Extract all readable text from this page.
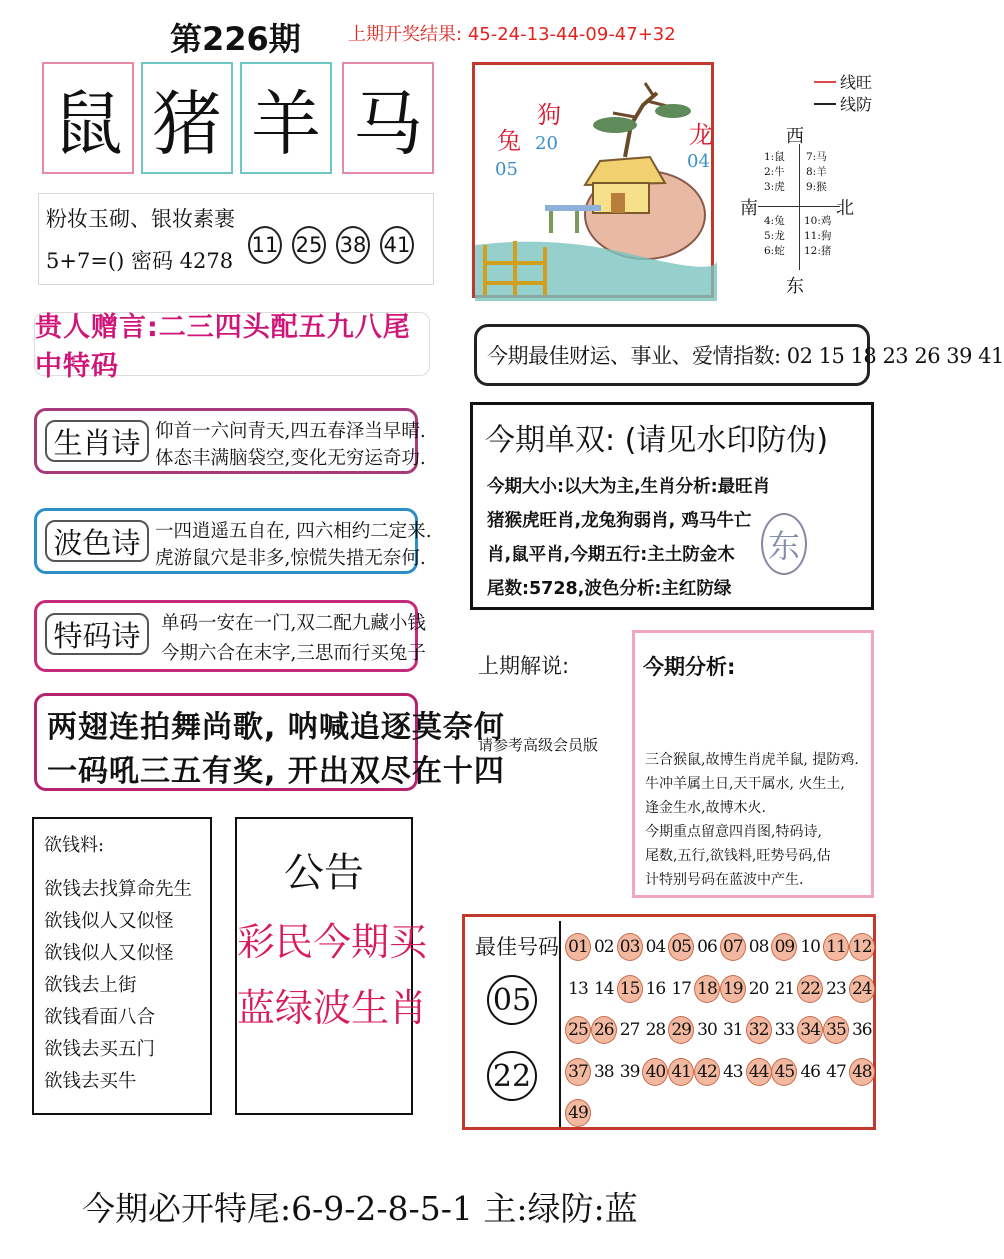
第226期	上期开奖结果: 45-24-13-44-09-47+32
鼠 猪 羊 马
粉妆玉砌、银妆素裹
5+7=() 密码 4278
11 25 38 41
贵人赠言:二三四头配五九八尾中特码
生肖诗 仰首一六问青天,四五春泽当早晴.
体态丰满脑袋空,变化无穷运奇功.
波色诗 一四逍遥五自在, 四六相约二定来.
虎游鼠穴是非多,惊慌失措无奈何.
特码诗	单码一安在一门,双二配九藏小钱
今期六合在末字,三思而行买兔子
两翅连拍舞尚歌, 呐喊追逐莫奈何
一码吼三五有奖, 开出双尽在十四
欲钱料:
欲钱去找算命先生
欲钱似人又似怪
欲钱似人又似怪
欲钱去上街
欲钱看面八合
欲钱去买五门
欲钱去买牛
公告
彩民今期买
蓝绿波生肖
兔
05
狗
20	龙
04
线旺
线防
西
东
南	北
1:鼠
2:牛
3:虎
7:马
8:羊
9:猴
4:兔
5:龙
6:蛇
10:鸡
11:狗
12:猪
今期最佳财运、事业、爱情指数: 02 15 18 23 26 39 41
今期单双: (请见水印防伪)
东
今期大小:以大为主,生肖分析:最旺肖
猪猴虎旺肖,龙兔狗弱肖, 鸡马牛亡
肖,鼠平肖,今期五行:主土防金木
尾数:5728,波色分析:主红防绿
上期解说:
请参考高级会员版
今期分析:
三合猴鼠,故博生肖虎羊鼠, 提防鸡.
牛冲羊属土日,天干属水, 火生土,
逢金生水,故博木火.
今期重点留意四肖图,特码诗,
尾数,五行,欲钱料,旺势号码,估
计特别号码在蓝波中产生.
最佳号码
05
22
01 02 03 04 05 06 07 08 09 10 11 12
13 14 15 16 17 18 19 20 21 22 23 24
25 26 27 28 29 30 31 32 33 34 35 36
37 38 39 40 41 42 43 44 45 46 47 48
49
今期必开特尾:6-9-2-8-5-1 主:绿防:蓝
